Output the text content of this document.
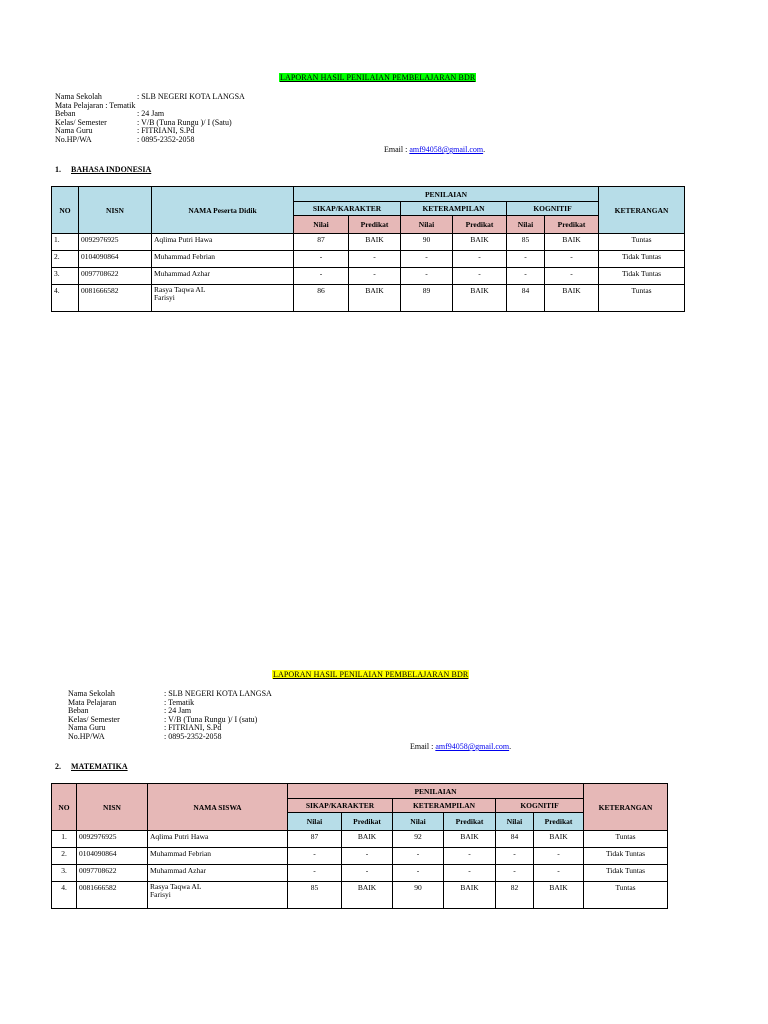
LAPORAN HASIL PENILAIAN PEMBELAJARAN BDR
Nama Sekolah	: SLB NEGERI KOTA LANGSA
Mata Pelajaran : Tematik
Beban	: 24 Jam
Kelas/ Semester	: V/B (Tuna Rungu )/ I (Satu)
Nama Guru	: FITRIANI, S.Pd
No.HP/WA	: 0895-2352-2058
Email : amf94058@gmail.com.
1. BAHASA INDONESIA
NO	NISN	NAMA Peserta Didik	PENILAIAN						KETERANGAN
			SIKAP/KARAKTER		KETERAMPILAN		KOGNITIF		
			Nilai	Predikat	Nilai	Predikat	Nilai	Predikat	
1.	0092976925	Aqlima Putri Hawa	87	BAIK	90	BAIK	85	BAIK	Tuntas
2.	0104090864	Muhammad Febrian	-	-	-	-	-	-	Tidak Tuntas
3.	0097708622	Muhammad Azhar	-	-	-	-	-	-	Tidak Tuntas
4.	0081666582	Rasya Taqwa AL
Farisyi	86	BAIK	89	BAIK	84	BAIK	Tuntas
LAPORAN HASIL PENILAIAN PEMBELAJARAN BDR
Nama Sekolah	: SLB NEGERI KOTA LANGSA
Mata Pelajaran	: Tematik
Beban	: 24 Jam
Kelas/ Semester	: V/B (Tuna Rungu )/ I (satu)
Nama Guru	: FITRIANI, S.Pd
No.HP/WA	: 0895-2352-2058
Email : amf94058@gmail.com.
2. MATEMATIKA
NO	NISN	NAMA SISWA	PENILAIAN						KETERANGAN
			SIKAP/KARAKTER		KETERAMPILAN		KOGNITIF		
			Nilai	Predikat	Nilai	Predikat	Nilai	Predikat	
1.	0092976925	Aqlima Putri Hawa	87	BAIK	92	BAIK	84	BAIK	Tuntas
2.	0104090864	Muhammad Febrian	-	-	-	-	-	-	Tidak Tuntas
3.	0097708622	Muhammad Azhar	-	-	-	-	-	-	Tidak Tuntas
4.	0081666582	Rasya Taqwa AL
Farisyi	85	BAIK	90	BAIK	82	BAIK	Tuntas
